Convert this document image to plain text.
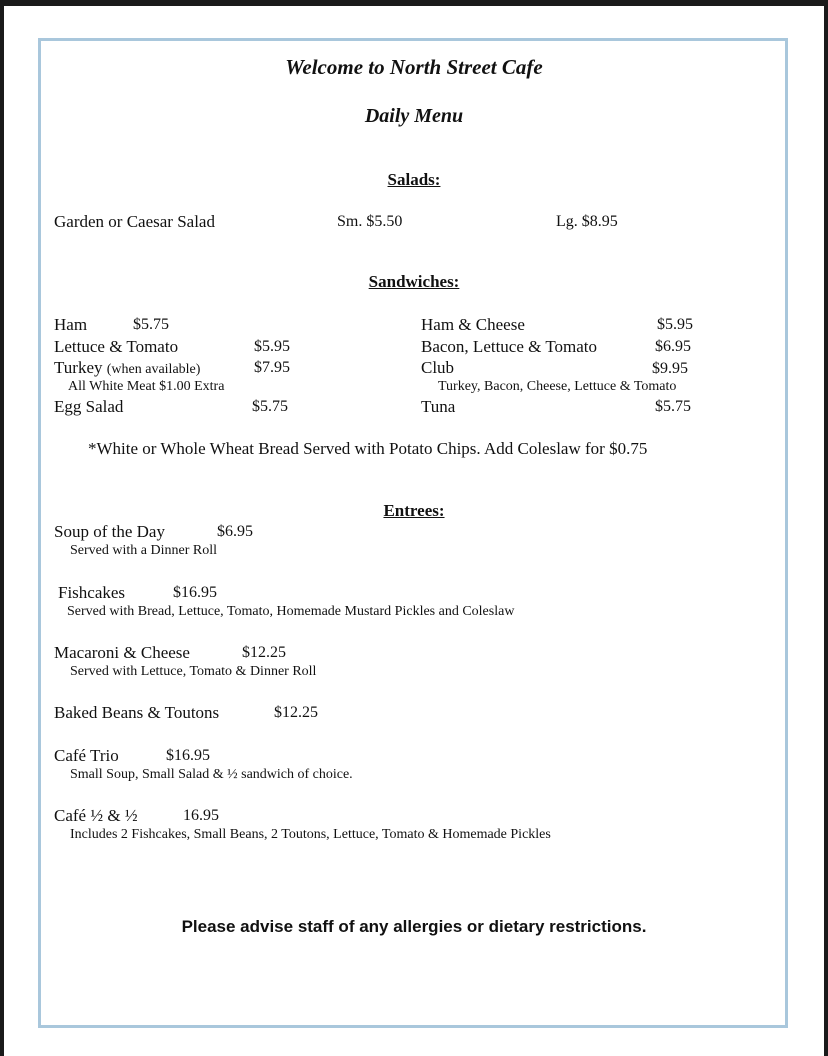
Welcome to North Street Cafe
Daily Menu
Salads:
Garden or Caesar Salad	Sm. $5.50	Lg. $8.95
Sandwiches:
Ham	$5.75
Lettuce & Tomato	$5.95
Turkey (when available)	$7.95
All White Meat $1.00 Extra
Egg Salad	$5.75
Ham & Cheese	$5.95
Bacon, Lettuce & Tomato	$6.95
Club	$9.95
Turkey, Bacon, Cheese, Lettuce & Tomato
Tuna	$5.75
*White or Whole Wheat Bread Served with Potato Chips. Add Coleslaw for $0.75
Entrees:
Soup of the Day	$6.95
Served with a Dinner Roll
Fishcakes	$16.95
Served with Bread, Lettuce, Tomato, Homemade Mustard Pickles and Coleslaw
Macaroni & Cheese	$12.25
Served with Lettuce, Tomato & Dinner Roll
Baked Beans & Toutons	$12.25
Café Trio	$16.95
Small Soup, Small Salad & ½ sandwich of choice.
Café ½ & ½	16.95
Includes 2 Fishcakes, Small Beans, 2 Toutons, Lettuce, Tomato & Homemade Pickles
Please advise staff of any allergies or dietary restrictions.
